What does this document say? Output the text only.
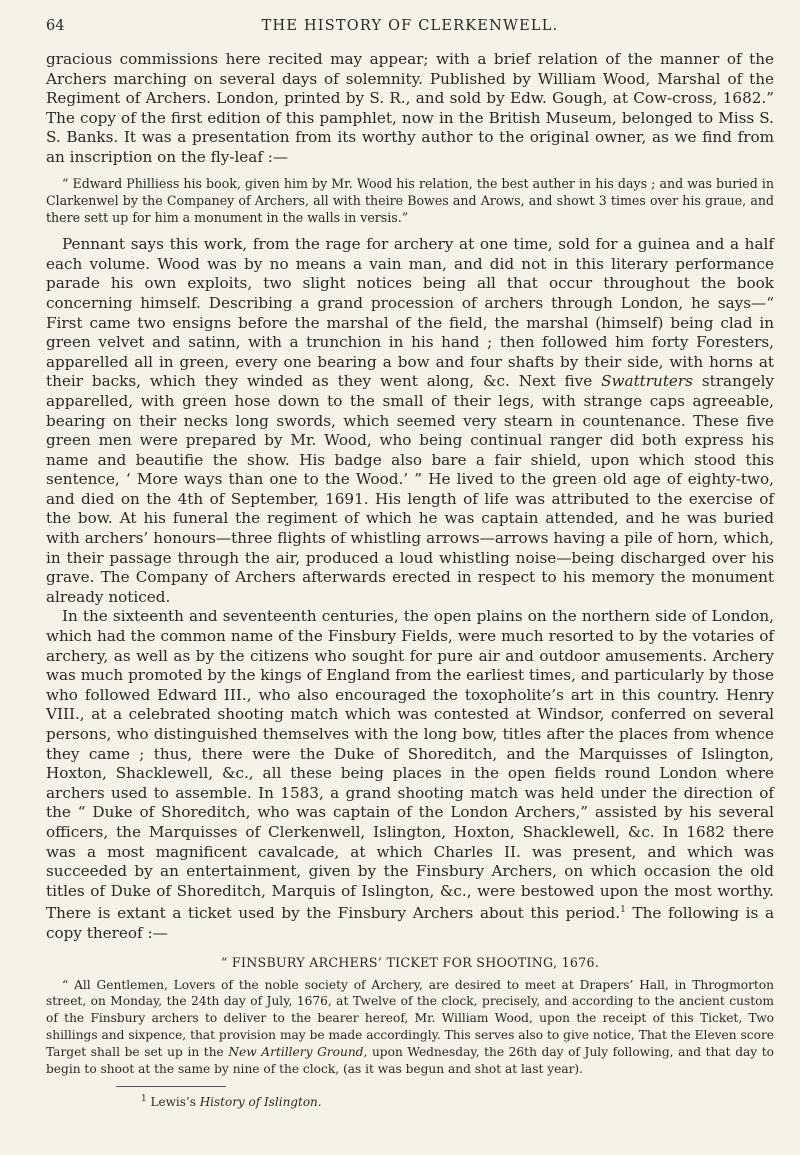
64	THE HISTORY OF CLERKENWELL.

gracious commissions here recited may appear; with a brief relation of the manner of the Archers marching on several days of solemnity. Published by William Wood, Marshal of the Regiment of Archers. London, printed by S. R., and sold by Edw. Gough, at Cow-cross, 1682.” The copy of the first edition of this pamphlet, now in the British Museum, belonged to Miss S. S. Banks. It was a presentation from its worthy author to the original owner, as we find from an inscription on the fly-leaf :—

“ Edward Philliess his book, given him by Mr. Wood his relation, the best auther in his days ; and was buried in Clarkenwel by the Companey of Archers, all with theire Bowes and Arows, and showt 3 times over his graue, and there sett up for him a monument in the walls in versis.”

Pennant says this work, from the rage for archery at one time, sold for a guinea and a half each volume. Wood was by no means a vain man, and did not in this literary performance parade his own exploits, two slight notices being all that occur throughout the book concerning himself. Describing a grand procession of archers through London, he says—“ First came two ensigns before the marshal of the field, the marshal (himself) being clad in green velvet and satinn, with a trunchion in his hand ; then followed him forty Foresters, apparelled all in green, every one bearing a bow and four shafts by their side, with horns at their backs, which they winded as they went along, &c. Next five Swattruters strangely apparelled, with green hose down to the small of their legs, with strange caps agreeable, bearing on their necks long swords, which seemed very stearn in countenance. These five green men were prepared by Mr. Wood, who being continual ranger did both express his name and beautifie the show. His badge also bare a fair shield, upon which stood this sentence, ‘ More ways than one to the Wood.’ ” He lived to the green old age of eighty-two, and died on the 4th of September, 1691. His length of life was attributed to the exercise of the bow. At his funeral the regiment of which he was captain attended, and he was buried with archers’ honours—three flights of whistling arrows—arrows having a pile of horn, which, in their passage through the air, produced a loud whistling noise—being discharged over his grave. The Company of Archers afterwards erected in respect to his memory the monument already noticed.

In the sixteenth and seventeenth centuries, the open plains on the northern side of London, which had the common name of the Finsbury Fields, were much resorted to by the votaries of archery, as well as by the citizens who sought for pure air and outdoor amusements. Archery was much promoted by the kings of England from the earliest times, and particularly by those who followed Edward III., who also encouraged the toxopholite’s art in this country. Henry VIII., at a celebrated shooting match which was contested at Windsor, conferred on several persons, who distinguished themselves with the long bow, titles after the places from whence they came ; thus, there were the Duke of Shoreditch, and the Marquisses of Islington, Hoxton, Shacklewell, &c., all these being places in the open fields round London where archers used to assemble. In 1583, a grand shooting match was held under the direction of the “ Duke of Shoreditch, who was captain of the London Archers,” assisted by his several officers, the Marquisses of Clerkenwell, Islington, Hoxton, Shacklewell, &c. In 1682 there was a most magnificent cavalcade, at which Charles II. was present, and which was succeeded by an entertainment, given by the Finsbury Archers, on which occasion the old titles of Duke of Shoreditch, Marquis of Islington, &c., were bestowed upon the most worthy. There is extant a ticket used by the Finsbury Archers about this period.$^1$ The following is a copy thereof :—

“ FINSBURY ARCHERS’ TICKET FOR SHOOTING, 1676.

“ All Gentlemen, Lovers of the noble society of Archery, are desired to meet at Drapers’ Hall, in Throgmorton street, on Monday, the 24th day of July, 1676, at Twelve of the clock, precisely, and according to the ancient custom of the Finsbury archers to deliver to the bearer hereof, Mr. William Wood, upon the receipt of this Ticket, Two shillings and sixpence, that provision may be made accordingly. This serves also to give notice, That the Eleven score Target shall be set up in the New Artillery Ground, upon Wednesday, the 26th day of July following, and that day to begin to shoot at the same by nine of the clock, (as it was begun and shot at last year).

$^1$ Lewis’s History of Islington.
